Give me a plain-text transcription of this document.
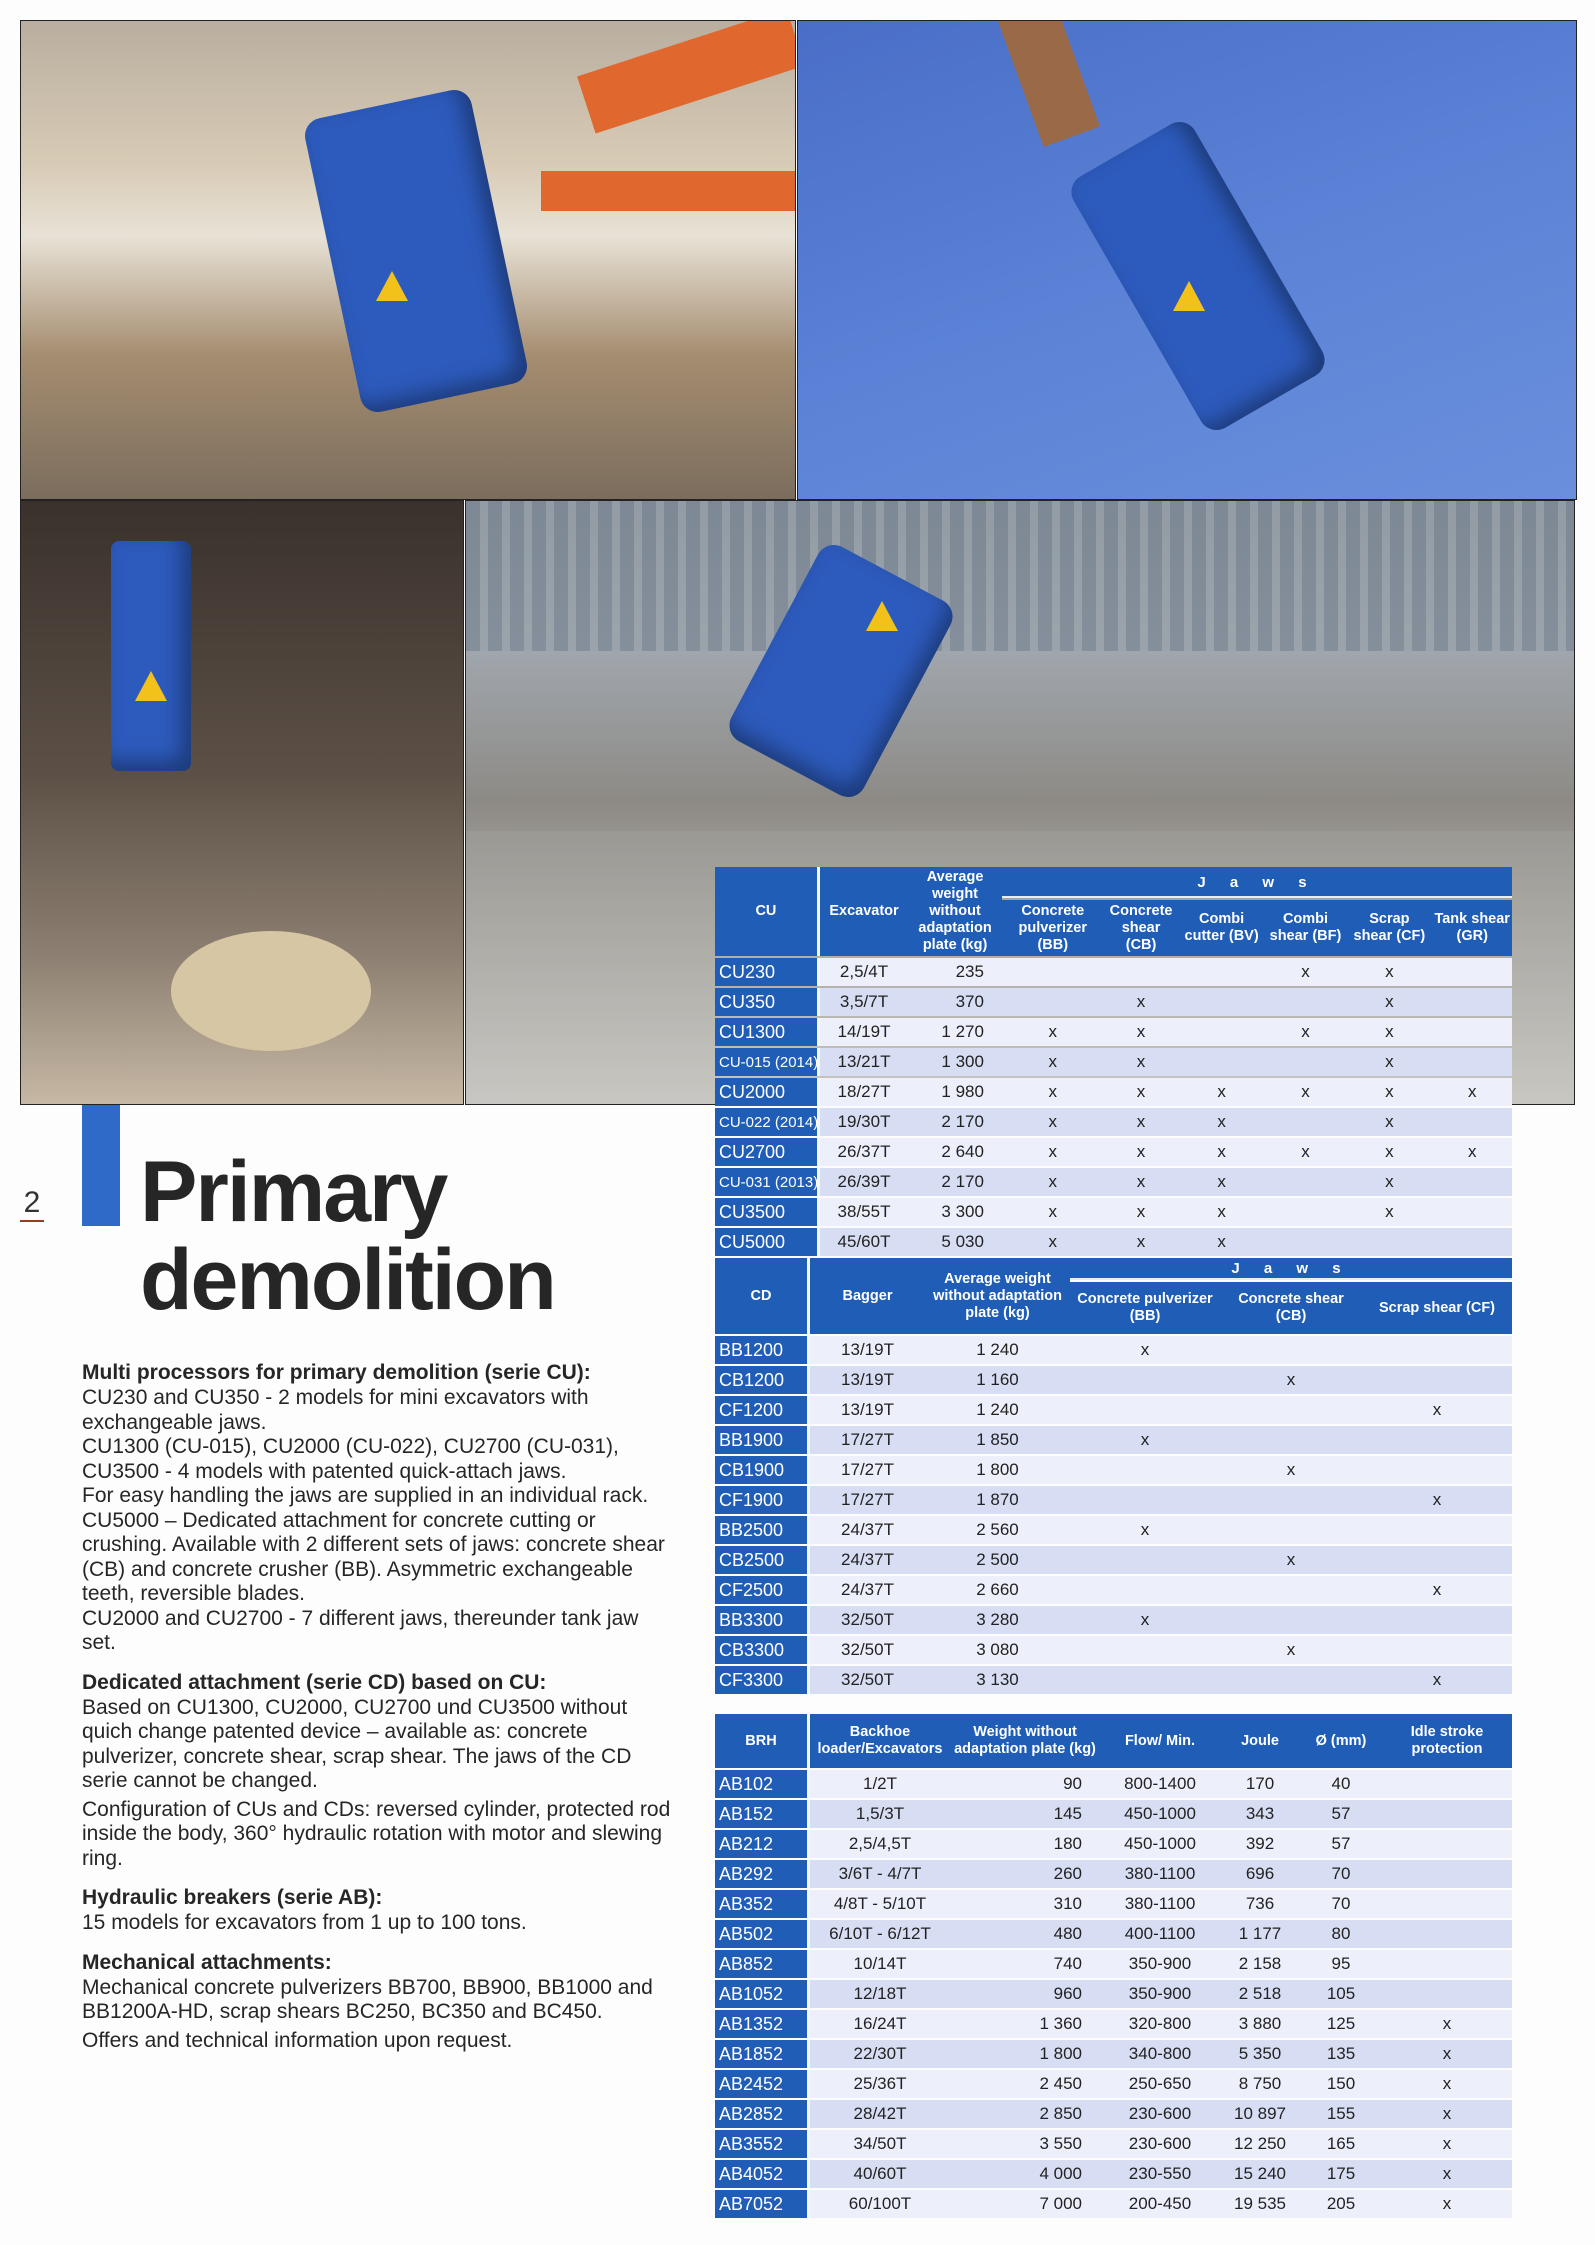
2 Primary
demolition
Multi processors for primary demolition (serie CU):

CU230 and CU350 - 2 models for mini excavators with exchangeable jaws.

CU1300 (CU-015), CU2000 (CU-022), CU2700 (CU-031), CU3500 - 4 models with patented quick-attach jaws.

For easy handling the jaws are supplied in an individual rack.

CU5000 – Dedicated attachment for concrete cutting or crushing. Available with 2 different sets of jaws: concrete shear (CB) and concrete crusher (BB). Asymmetric exchangeable teeth, reversible blades.

CU2000 and CU2700 - 7 different jaws, thereunder tank jaw set.

Dedicated attachment (serie CD) based on CU:

Based on CU1300, CU2000, CU2700 und CU3500 without quich change patented device – available as: concrete pulverizer, concrete shear, scrap shear. The jaws of the CD serie cannot be changed.

Configuration of CUs and CDs: reversed cylinder, protected rod inside the body, 360° hydraulic rotation with motor and slewing ring.

Hydraulic breakers (serie AB):

15 models for excavators from 1 up to 100 tons.

Mechanical attachments:

Mechanical concrete pulverizers BB700, BB900, BB1000 and BB1200A-HD, scrap shears BC250, BC350 and BC450.

Offers and technical information upon request.

CU	Excavator	Average weight without adaptation plate (kg)	J a w s					
			Concrete pulverizer (BB)	Concrete shear (CB)	Combi cutter (BV)	Combi shear (BF)	Scrap shear (CF)	Tank shear (GR)
CU230	2,5/4T	235				x	x	
CU350	3,5/7T	370		x			x	
CU1300	14/19T	1 270	x	x		x	x	
CU-015 (2014)	13/21T	1 300	x	x			x	
CU2000	18/27T	1 980	x	x	x	x	x	x
CU-022 (2014)	19/30T	2 170	x	x	x		x	
CU2700	26/37T	2 640	x	x	x	x	x	x
CU-031 (2013)	26/39T	2 170	x	x	x		x	
CU3500	38/55T	3 300	x	x	x		x	
CU5000	45/60T	5 030	x	x	x			
CD	Bagger	Average weight without adaptation plate (kg)	J a w s		
			Concrete pulverizer (BB)	Concrete shear (CB)	Scrap shear (CF)
BB1200	13/19T	1 240	x		
CB1200	13/19T	1 160		x	
CF1200	13/19T	1 240			x
BB1900	17/27T	1 850	x		
CB1900	17/27T	1 800		x	
CF1900	17/27T	1 870			x
BB2500	24/37T	2 560	x		
CB2500	24/37T	2 500		x	
CF2500	24/37T	2 660			x
BB3300	32/50T	3 280	x		
CB3300	32/50T	3 080		x	
CF3300	32/50T	3 130			x
BRH	Backhoe loader/Excavators	Weight without adaptation plate (kg)	Flow/ Min.	Joule	Ø (mm)	Idle stroke protection
AB102	1/2T	90	800-1400	170	40	
AB152	1,5/3T	145	450-1000	343	57	
AB212	2,5/4,5T	180	450-1000	392	57	
AB292	3/6T - 4/7T	260	380-1100	696	70	
AB352	4/8T - 5/10T	310	380-1100	736	70	
AB502	6/10T - 6/12T	480	400-1100	1 177	80	
AB852	10/14T	740	350-900	2 158	95	
AB1052	12/18T	960	350-900	2 518	105	
AB1352	16/24T	1 360	320-800	3 880	125	x
AB1852	22/30T	1 800	340-800	5 350	135	x
AB2452	25/36T	2 450	250-650	8 750	150	x
AB2852	28/42T	2 850	230-600	10 897	155	x
AB3552	34/50T	3 550	230-600	12 250	165	x
AB4052	40/60T	4 000	230-550	15 240	175	x
AB7052	60/100T	7 000	200-450	19 535	205	x
